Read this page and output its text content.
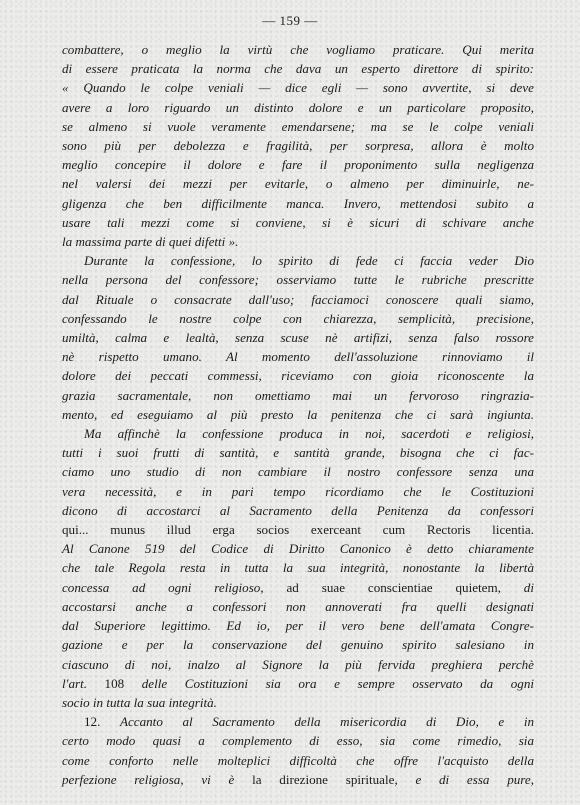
— 159 —
combattere, o meglio la virtù che vogliamo praticare. Qui merita
di essere praticata la norma che dava un esperto direttore di spirito:
« Quando le colpe veniali — dice egli — sono avvertite, si deve
avere a loro riguardo un distinto dolore e un particolare proposito,
se almeno si vuole veramente emendarsene; ma se le colpe veniali
sono più per debolezza e fragilità, per sorpresa, allora è molto
meglio concepire il dolore e fare il proponimento sulla negligenza
nel valersi dei mezzi per evitarle, o almeno per diminuirle, ne-
gligenza che ben difficilmente manca. Invero, mettendosi subito a
usare tali mezzi come si conviene, si è sicuri di schivare anche
la massima parte di quei difetti ».
Durante la confessione, lo spirito di fede ci faccia veder Dio
nella persona del confessore; osserviamo tutte le rubriche prescritte
dal Rituale o consacrate dall'uso; facciamoci conoscere quali siamo,
confessando le nostre colpe con chiarezza, semplicità, precisione,
umiltà, calma e lealtà, senza scuse nè artifizi, senza falso rossore
nè rispetto umano. Al momento dell'assoluzione rinnoviamo il
dolore dei peccati commessi, riceviamo con gioia riconoscente la
grazia sacramentale, non omettiamo mai un fervoroso ringrazia-
mento, ed eseguiamo al più presto la penitenza che ci sarà ingiunta.
Ma affinchè la confessione produca in noi, sacerdoti e religiosi,
tutti i suoi frutti di santità, e santità grande, bisogna che ci fac-
ciamo uno studio di non cambiare il nostro confessore senza una
vera necessità, e in pari tempo ricordiamo che le Costituzioni
dicono di accostarci al Sacramento della Penitenza da confessori
qui... munus illud erga socios exerceant cum Rectoris licentia.
Al Canone 519 del Codice di Diritto Canonico è detto chiaramente
che tale Regola resta in tutta la sua integrità, nonostante la libertà
concessa ad ogni religioso, ad suae conscientiae quietem, di
accostarsi anche a confessori non annoverati fra quelli designati
dal Superiore legittimo. Ed io, per il vero bene dell'amata Congre-
gazione e per la conservazione del genuino spirito salesiano in
ciascuno di noi, inalzo al Signore la più fervida preghiera perchè
l'art. 108 delle Costituzioni sia ora e sempre osservato da ogni
socio in tutta la sua integrità.
12. Accanto al Sacramento della misericordia di Dio, e in
certo modo quasi a complemento di esso, sia come rimedio, sia
come conforto nelle molteplici difficoltà che offre l'acquisto della
perfezione religiosa, vi è la direzione spirituale, e di essa pure,
